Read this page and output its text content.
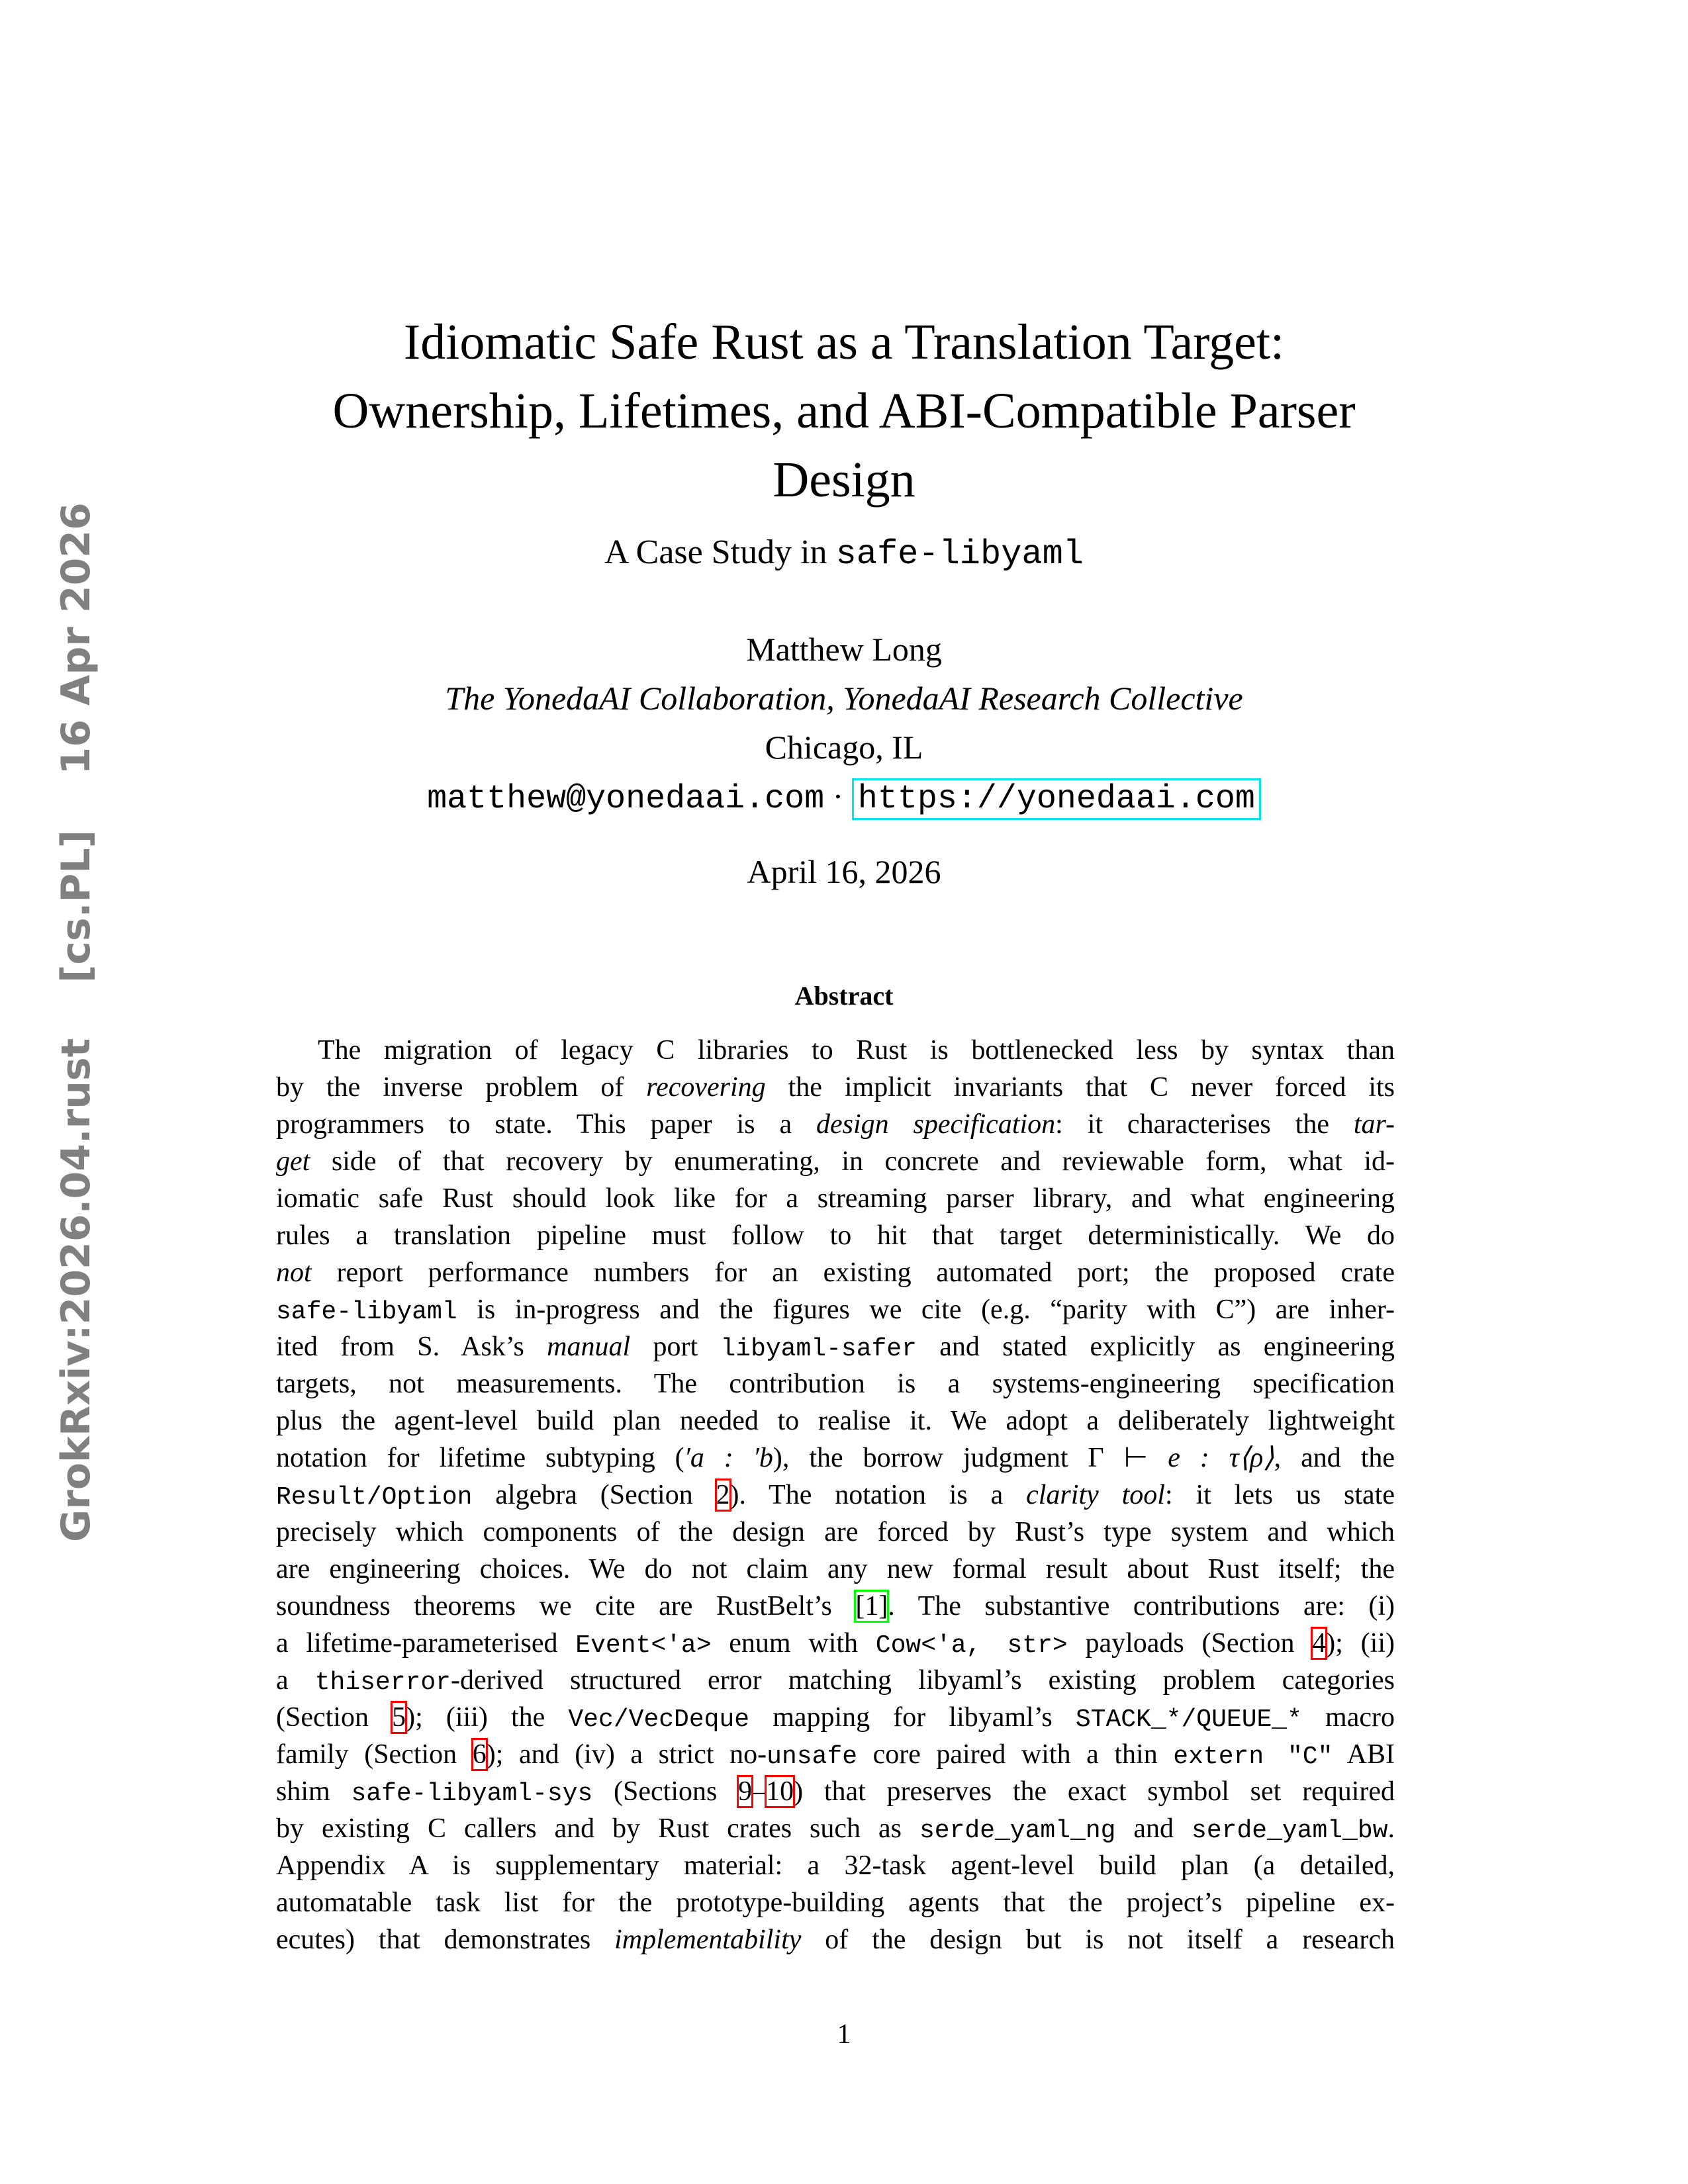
GrokRxiv:2026.04.rust    [cs.PL]    16 Apr 2026
Idiomatic Safe Rust as a Translation Target:
Ownership, Lifetimes, and ABI-Compatible Parser
Design
A Case Study in safe-libyaml
Matthew Long
The YonedaAI Collaboration, YonedaAI Research Collective
Chicago, IL
matthew@yonedaai.com · https://yonedaai.com
April 16, 2026
Abstract
The migration of legacy C libraries to Rust is bottlenecked less by syntax than
by the inverse problem of recovering the implicit invariants that C never forced its
programmers to state. This paper is a design specification: it characterises the tar-
get side of that recovery by enumerating, in concrete and reviewable form, what id-
iomatic safe Rust should look like for a streaming parser library, and what engineering
rules a translation pipeline must follow to hit that target deterministically. We do
not report performance numbers for an existing automated port; the proposed crate
safe-libyaml is in-progress and the figures we cite (e.g. “parity with C”) are inher-
ited from S. Ask’s manual port libyaml-safer and stated explicitly as engineering
targets, not measurements. The contribution is a systems-engineering specification
plus the agent-level build plan needed to realise it. We adopt a deliberately lightweight
notation for lifetime subtyping (′a : ′b), the borrow judgment Γ ⊢ e : τ⟨ρ⟩, and the
Result/Option algebra (Section 2). The notation is a clarity tool: it lets us state
precisely which components of the design are forced by Rust’s type system and which
are engineering choices. We do not claim any new formal result about Rust itself; the
soundness theorems we cite are RustBelt’s [1]. The substantive contributions are: (i)
a lifetime-parameterised Event<′a> enum with Cow<′a, str> payloads (Section 4); (ii)
a thiserror-derived structured error matching libyaml’s existing problem categories
(Section 5); (iii) the Vec/VecDeque mapping for libyaml’s STACK_*/QUEUE_* macro
family (Section 6); and (iv) a strict no-unsafe core paired with a thin extern "C" ABI
shim safe-libyaml-sys (Sections 9–10) that preserves the exact symbol set required
by existing C callers and by Rust crates such as serde_yaml_ng and serde_yaml_bw.
Appendix A is supplementary material: a 32-task agent-level build plan (a detailed,
automatable task list for the prototype-building agents that the project’s pipeline ex-
ecutes) that demonstrates implementability of the design but is not itself a research
1
